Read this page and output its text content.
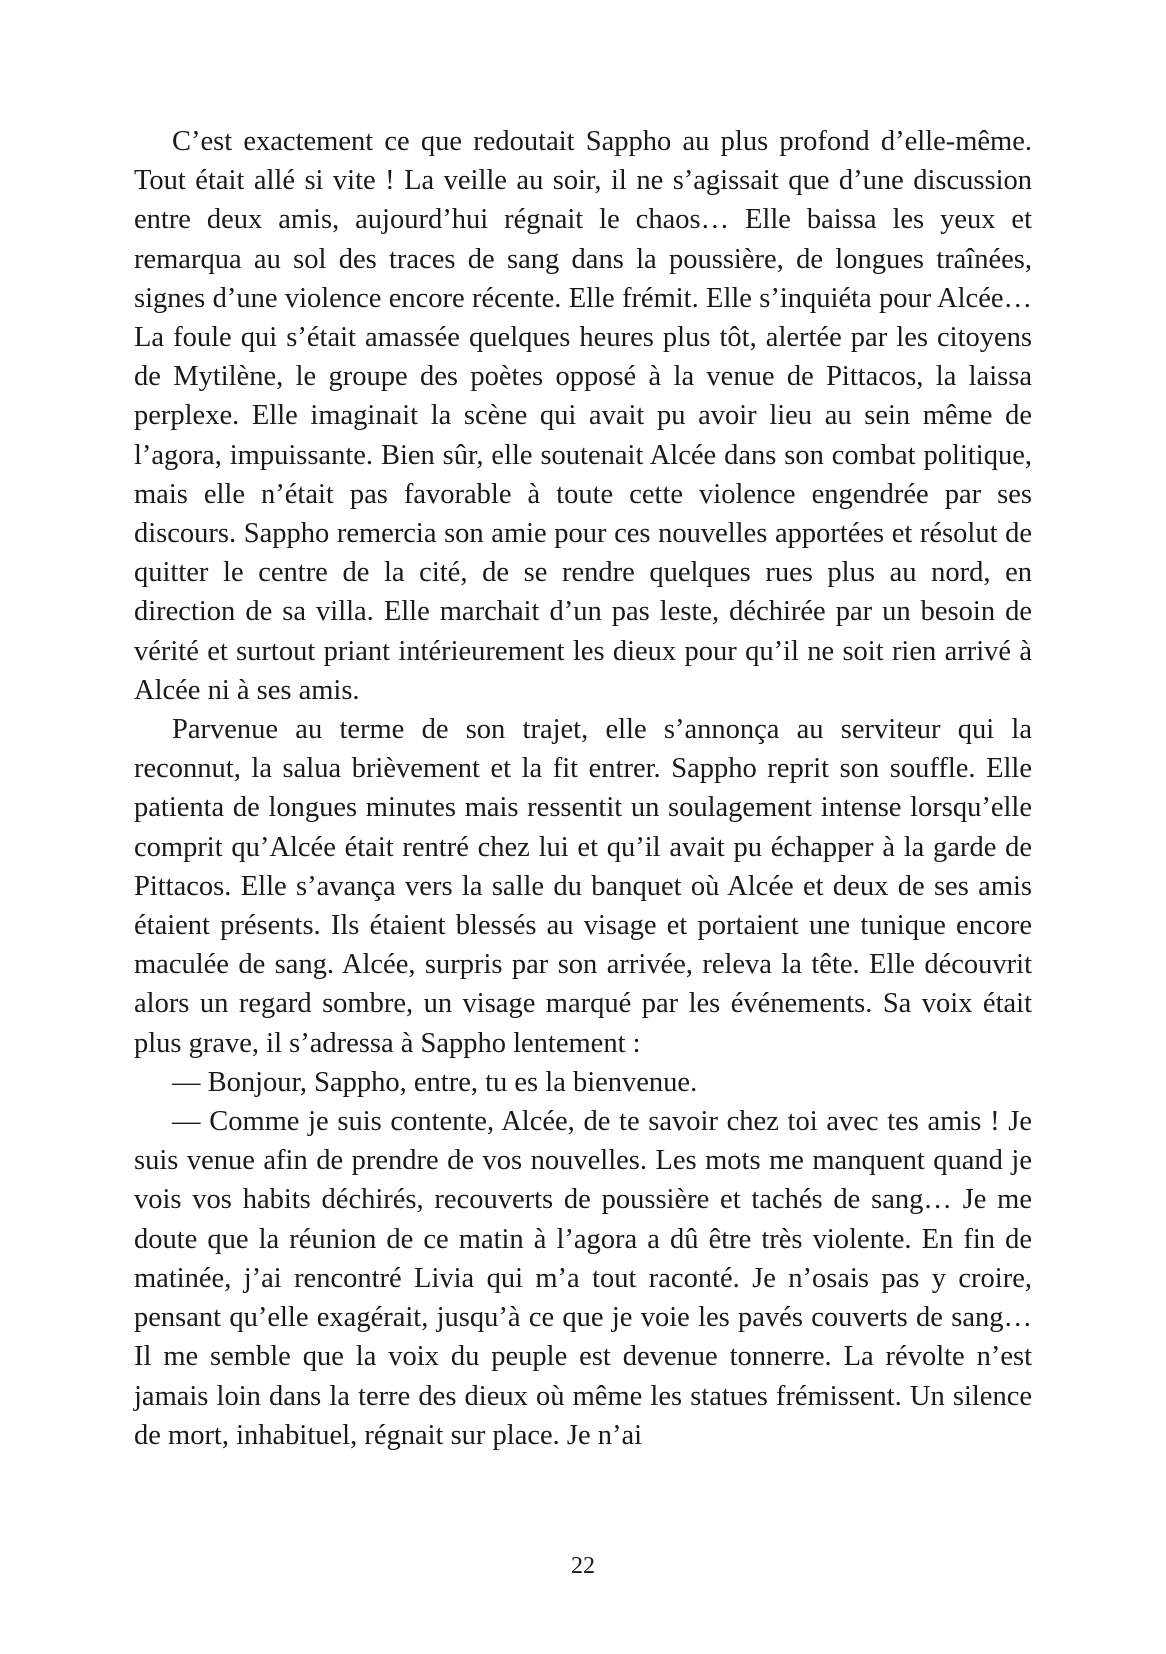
C’est exactement ce que redoutait Sappho au plus profond d’elle-même. Tout était allé si vite ! La veille au soir, il ne s’agissait que d’une discussion entre deux amis, aujourd’hui régnait le chaos… Elle baissa les yeux et remarqua au sol des traces de sang dans la poussière, de longues traînées, signes d’une violence encore récente. Elle frémit. Elle s’inquiéta pour Alcée… La foule qui s’était amassée quelques heures plus tôt, alertée par les citoyens de Mytilène, le groupe des poètes opposé à la venue de Pittacos, la laissa perplexe. Elle imaginait la scène qui avait pu avoir lieu au sein même de l’agora, impuissante. Bien sûr, elle soutenait Alcée dans son combat politique, mais elle n’était pas favorable à toute cette violence engendrée par ses discours. Sappho remercia son amie pour ces nouvelles apportées et résolut de quitter le centre de la cité, de se rendre quelques rues plus au nord, en direction de sa villa. Elle marchait d’un pas leste, déchirée par un besoin de vérité et surtout priant intérieurement les dieux pour qu’il ne soit rien arrivé à Alcée ni à ses amis.

Parvenue au terme de son trajet, elle s’annonça au serviteur qui la reconnut, la salua brièvement et la fit entrer. Sappho reprit son souffle. Elle patienta de longues minutes mais ressentit un soulagement intense lorsqu’elle comprit qu’Alcée était rentré chez lui et qu’il avait pu échapper à la garde de Pittacos. Elle s’avança vers la salle du banquet où Alcée et deux de ses amis étaient présents. Ils étaient blessés au visage et portaient une tunique encore maculée de sang. Alcée, surpris par son arrivée, releva la tête. Elle découvrit alors un regard sombre, un visage marqué par les événements. Sa voix était plus grave, il s’adressa à Sappho lentement :

— Bonjour, Sappho, entre, tu es la bienvenue.

— Comme je suis contente, Alcée, de te savoir chez toi avec tes amis ! Je suis venue afin de prendre de vos nouvelles. Les mots me manquent quand je vois vos habits déchirés, recouverts de poussière et tachés de sang… Je me doute que la réunion de ce matin à l’agora a dû être très violente. En fin de matinée, j’ai rencontré Livia qui m’a tout raconté. Je n’osais pas y croire, pensant qu’elle exagérait, jusqu’à ce que je voie les pavés couverts de sang… Il me semble que la voix du peuple est devenue tonnerre. La révolte n’est jamais loin dans la terre des dieux où même les statues frémissent. Un silence de mort, inhabituel, régnait sur place. Je n’ai

22
